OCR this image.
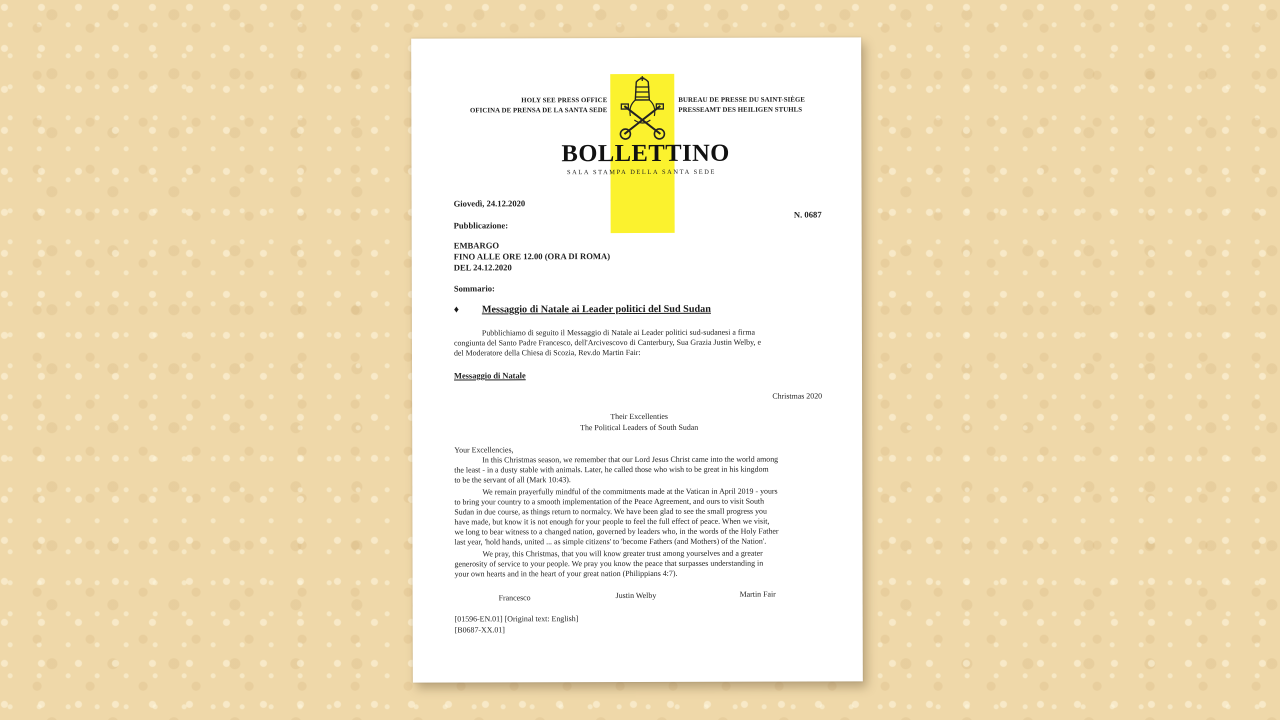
HOLY SEE PRESS OFFICE
OFICINA DE PRENSA DE LA SANTA SEDE
BUREAU DE PRESSE DU SAINT-SIÈGE
PRESSEAMT DES HEILIGEN STUHLS
BOLLETTINO
SALA STAMPA DELLA SANTA SEDE
Giovedì, 24.12.2020
N. 0687
Pubblicazione:
EMBARGO
FINO ALLE ORE 12.00 (ORA DI ROMA)
DEL 24.12.2020
Sommario:
♦ Messaggio di Natale ai Leader politici del Sud Sudan
Pubblichiamo di seguito il Messaggio di Natale ai Leader politici sud-sudanesi a firma
congiunta del Santo Padre Francesco, dell'Arcivescovo di Canterbury, Sua Grazia Justin Welby, e
del Moderatore della Chiesa di Scozia, Rev.do Martin Fair:
Messaggio di Natale
Christmas 2020
Their Excellenties
The Political Leaders of South Sudan
Your Excellencies,
In this Christmas season, we remember that our Lord Jesus Christ came into the world among
the least - in a dusty stable with animals. Later, he called those who wish to be great in his kingdom
to be the servant of all (Mark 10:43).
We remain prayerfully mindful of the commitments made at the Vatican in April 2019 - yours
to bring your country to a smooth implementation of the Peace Agreement, and ours to visit South
Sudan in due course, as things return to normalcy. We have been glad to see the small progress you
have made, but know it is not enough for your people to feel the full effect of peace. When we visit,
we long to bear witness to a changed nation, governed by leaders who, in the words of the Holy Father
last year, 'hold hands, united ... as simple citizens' to 'become Fathers (and Mothers) of the Nation'.
We pray, this Christmas, that you will know greater trust among yourselves and a greater
generosity of service to your people. We pray you know the peace that surpasses understanding in
your own hearts and in the heart of your great nation (Philippians 4:7).
Francesco	Justin Welby	Martin Fair
[01596-EN.01] [Original text: English]
[B0687-XX.01]
